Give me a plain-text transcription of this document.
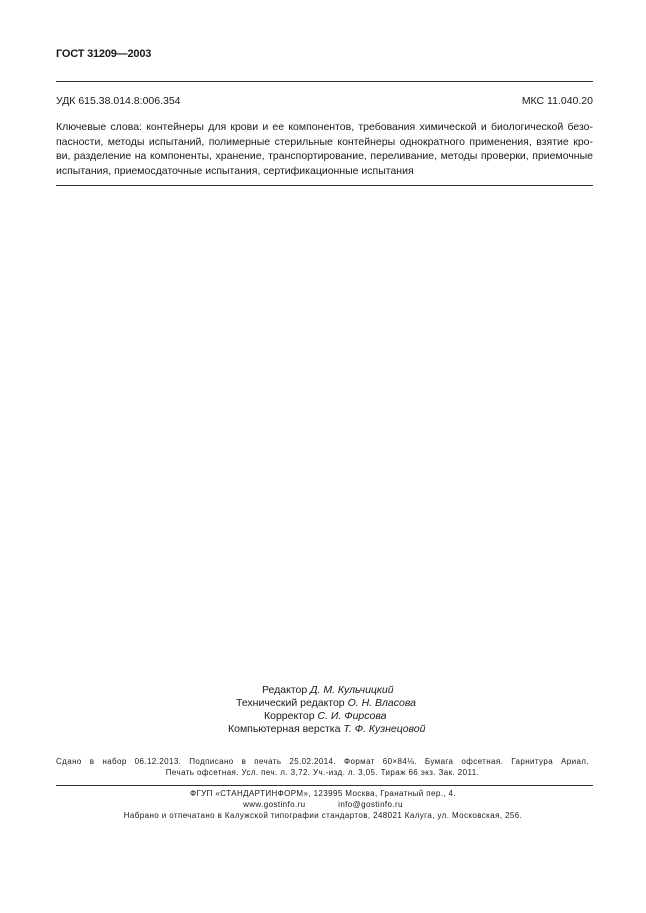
ГОСТ 31209—2003
УДК 615.38.014.8:006.354	МКС 11.040.20
Ключевые слова: контейнеры для крови и ее компонентов, требования химической и биологической безо-
пасности, методы испытаний, полимерные стерильные контейнеры однократного применения, взятие кро-
ви, разделение на компоненты, хранение, транспортирование, переливание, методы проверки, приемочные
испытания, приемосдаточные испытания, сертификационные испытания
Редактор Д. М. Кульчицкий
Технический редактор О. Н. Власова
Корректор С. И. Фирсова
Компьютерная верстка Т. Ф. Кузнецовой
Сдано в набор 06.12.2013. Подписано в печать 25.02.2014. Формат 60×84⅛. Бумага офсетная. Гарнитура Ариал.
Печать офсетная. Усл. печ. л. 3,72. Уч.-изд. л. 3,05. Тираж 66 экз. Зак. 2011.
ФГУП «СТАНДАРТИНФОРМ», 123995 Москва, Гранатный пер., 4.
www.gostinfo.ru	info@gostinfo.ru
Набрано и отпечатано в Калужской типографии стандартов, 248021 Калуга, ул. Московская, 256.
